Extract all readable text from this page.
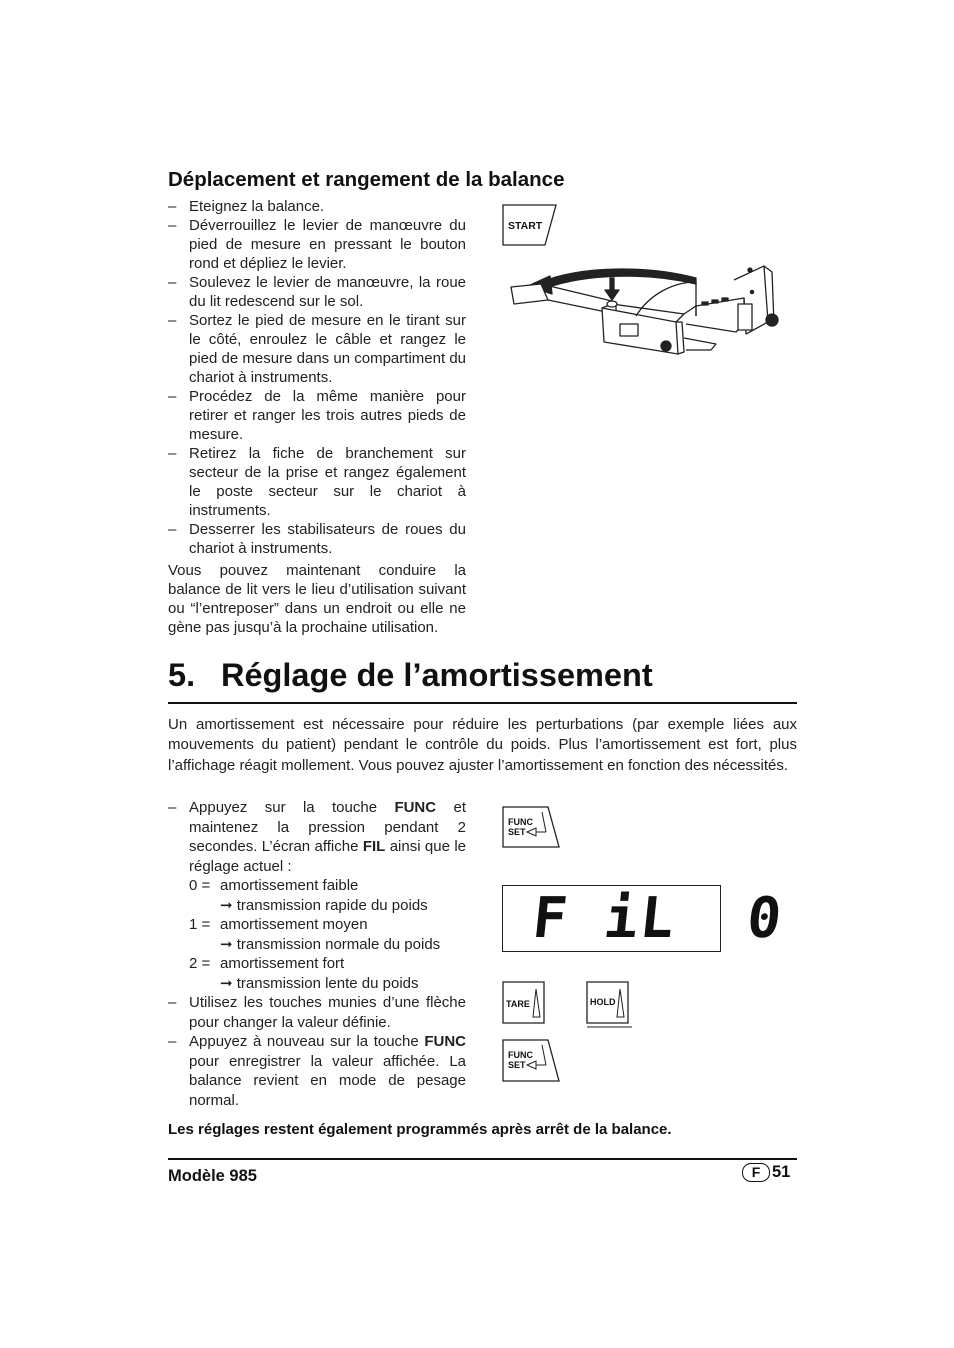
Déplacement et rangement de la balance
– Eteignez la balance.
– Déverrouillez le levier de manœuvre du pied de mesure en pressant le bouton rond et dépliez le levier.
– Soulevez le levier de manœuvre, la roue du lit redescend sur le sol.
– Sortez le pied de mesure en le tirant sur le côté, enroulez le câble et rangez le pied de mesure dans un compartiment du chariot à instruments.
– Procédez de la même manière pour retirer et ranger les trois autres pieds de mesure.
– Retirez la fiche de branchement sur secteur de la prise et rangez également le poste secteur sur le chariot à instruments.
– Desserrer les stabilisateurs de roues du chariot à instruments.

Vous pouvez maintenant conduire la balance de lit vers le lieu d’utilisation suivant ou “l’entreposer” dans un endroit ou elle ne gène pas jusqu’à la prochaine utilisation.

START
5. Réglage de l’amortissement

Un amortissement est nécessaire pour réduire les perturbations (par exemple liées aux mouvements du patient) pendant le contrôle du poids. Plus l’amortissement est fort, plus l’affichage réagit mollement. Vous pouvez ajuster l’amortissement en fonction des nécessités.

– Appuyez sur la touche FUNC et maintenez la pression pendant 2 secondes. L’écran affiche FIL ainsi que le réglage actuel :
0 = amortissement faible
➞ transmission rapide du poids
1 = amortissement moyen
➞ transmission normale du poids
2 = amortissement fort
➞ transmission lente du poids
– Utilisez les touches munies d’une flèche pour changer la valeur définie.
– Appuyez à nouveau sur la touche FUNC pour enregistrer la valeur affichée. La balance revient en mode de pesage normal.
FUNC
SET
F iL  0
TARE	HOLD
FUNC
SET

Les réglages restent également programmés après arrêt de la balance.

Modèle 985	F 51
